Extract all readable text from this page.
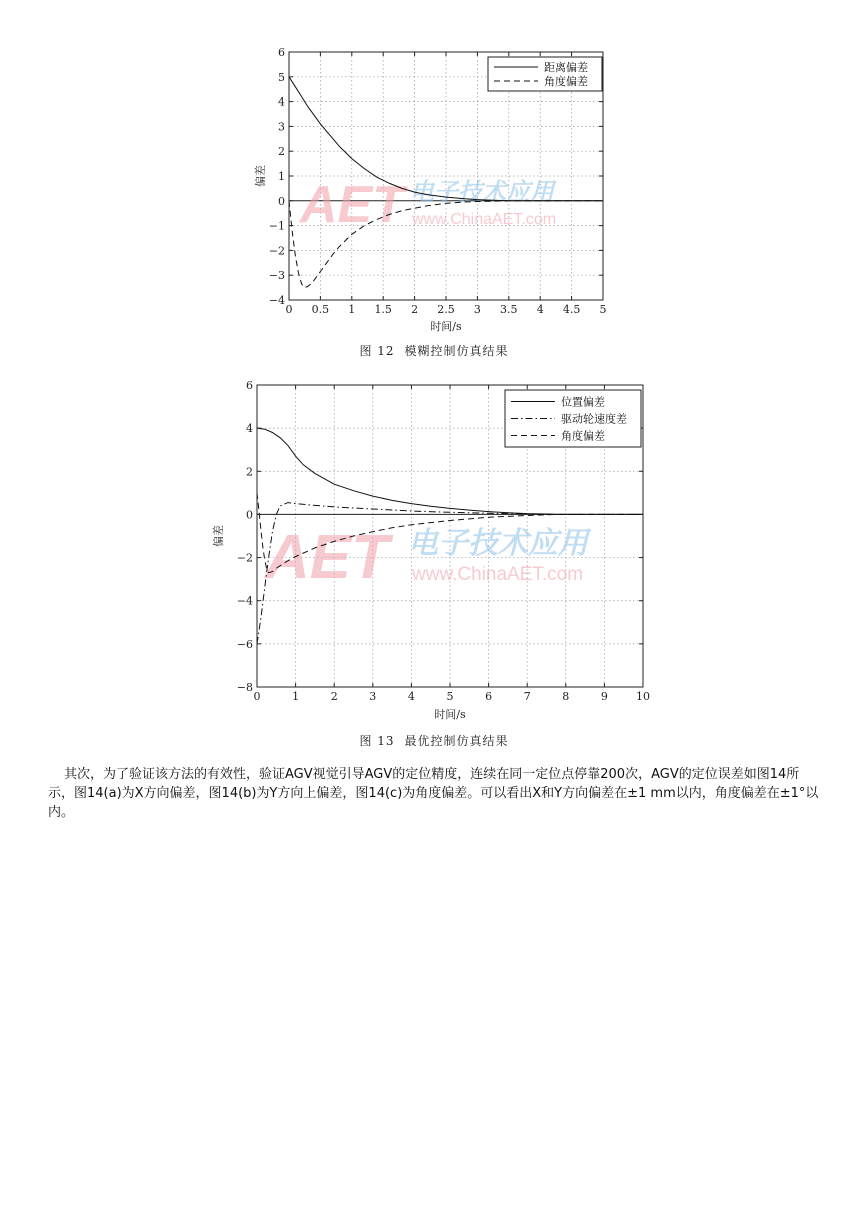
AET 电子技术应用
www.ChinaAET.com
0 0.5 1 1.5 2 2.5 3 3.5 4 4.5 5
−4
−3
−2
−1
0
1
2
3
4
5
6
时间/s
偏差
距离偏差
角度偏差
图 12 模糊控制仿真结果
AET 电子技术应用
www.ChinaAET.com
0	1	2	3	4	5	6	7	8	9	10
−8
−6
−4
−2
0
2
4
6
时间/s
偏差
位置偏差
驱动轮速度差
角度偏差
图 13 最优控制仿真结果

其次，为了验证该方法的有效性，验证AGV视觉引导AGV的定位精度，连续在同一定位点停靠200次，AGV的定位误差如图14所示，图14(a)为X方向偏差，图14(b)为Y方向上偏差，图14(c)为角度偏差。可以看出X和Y方向偏差在±1 mm以内，角度偏差在±1°以内。
